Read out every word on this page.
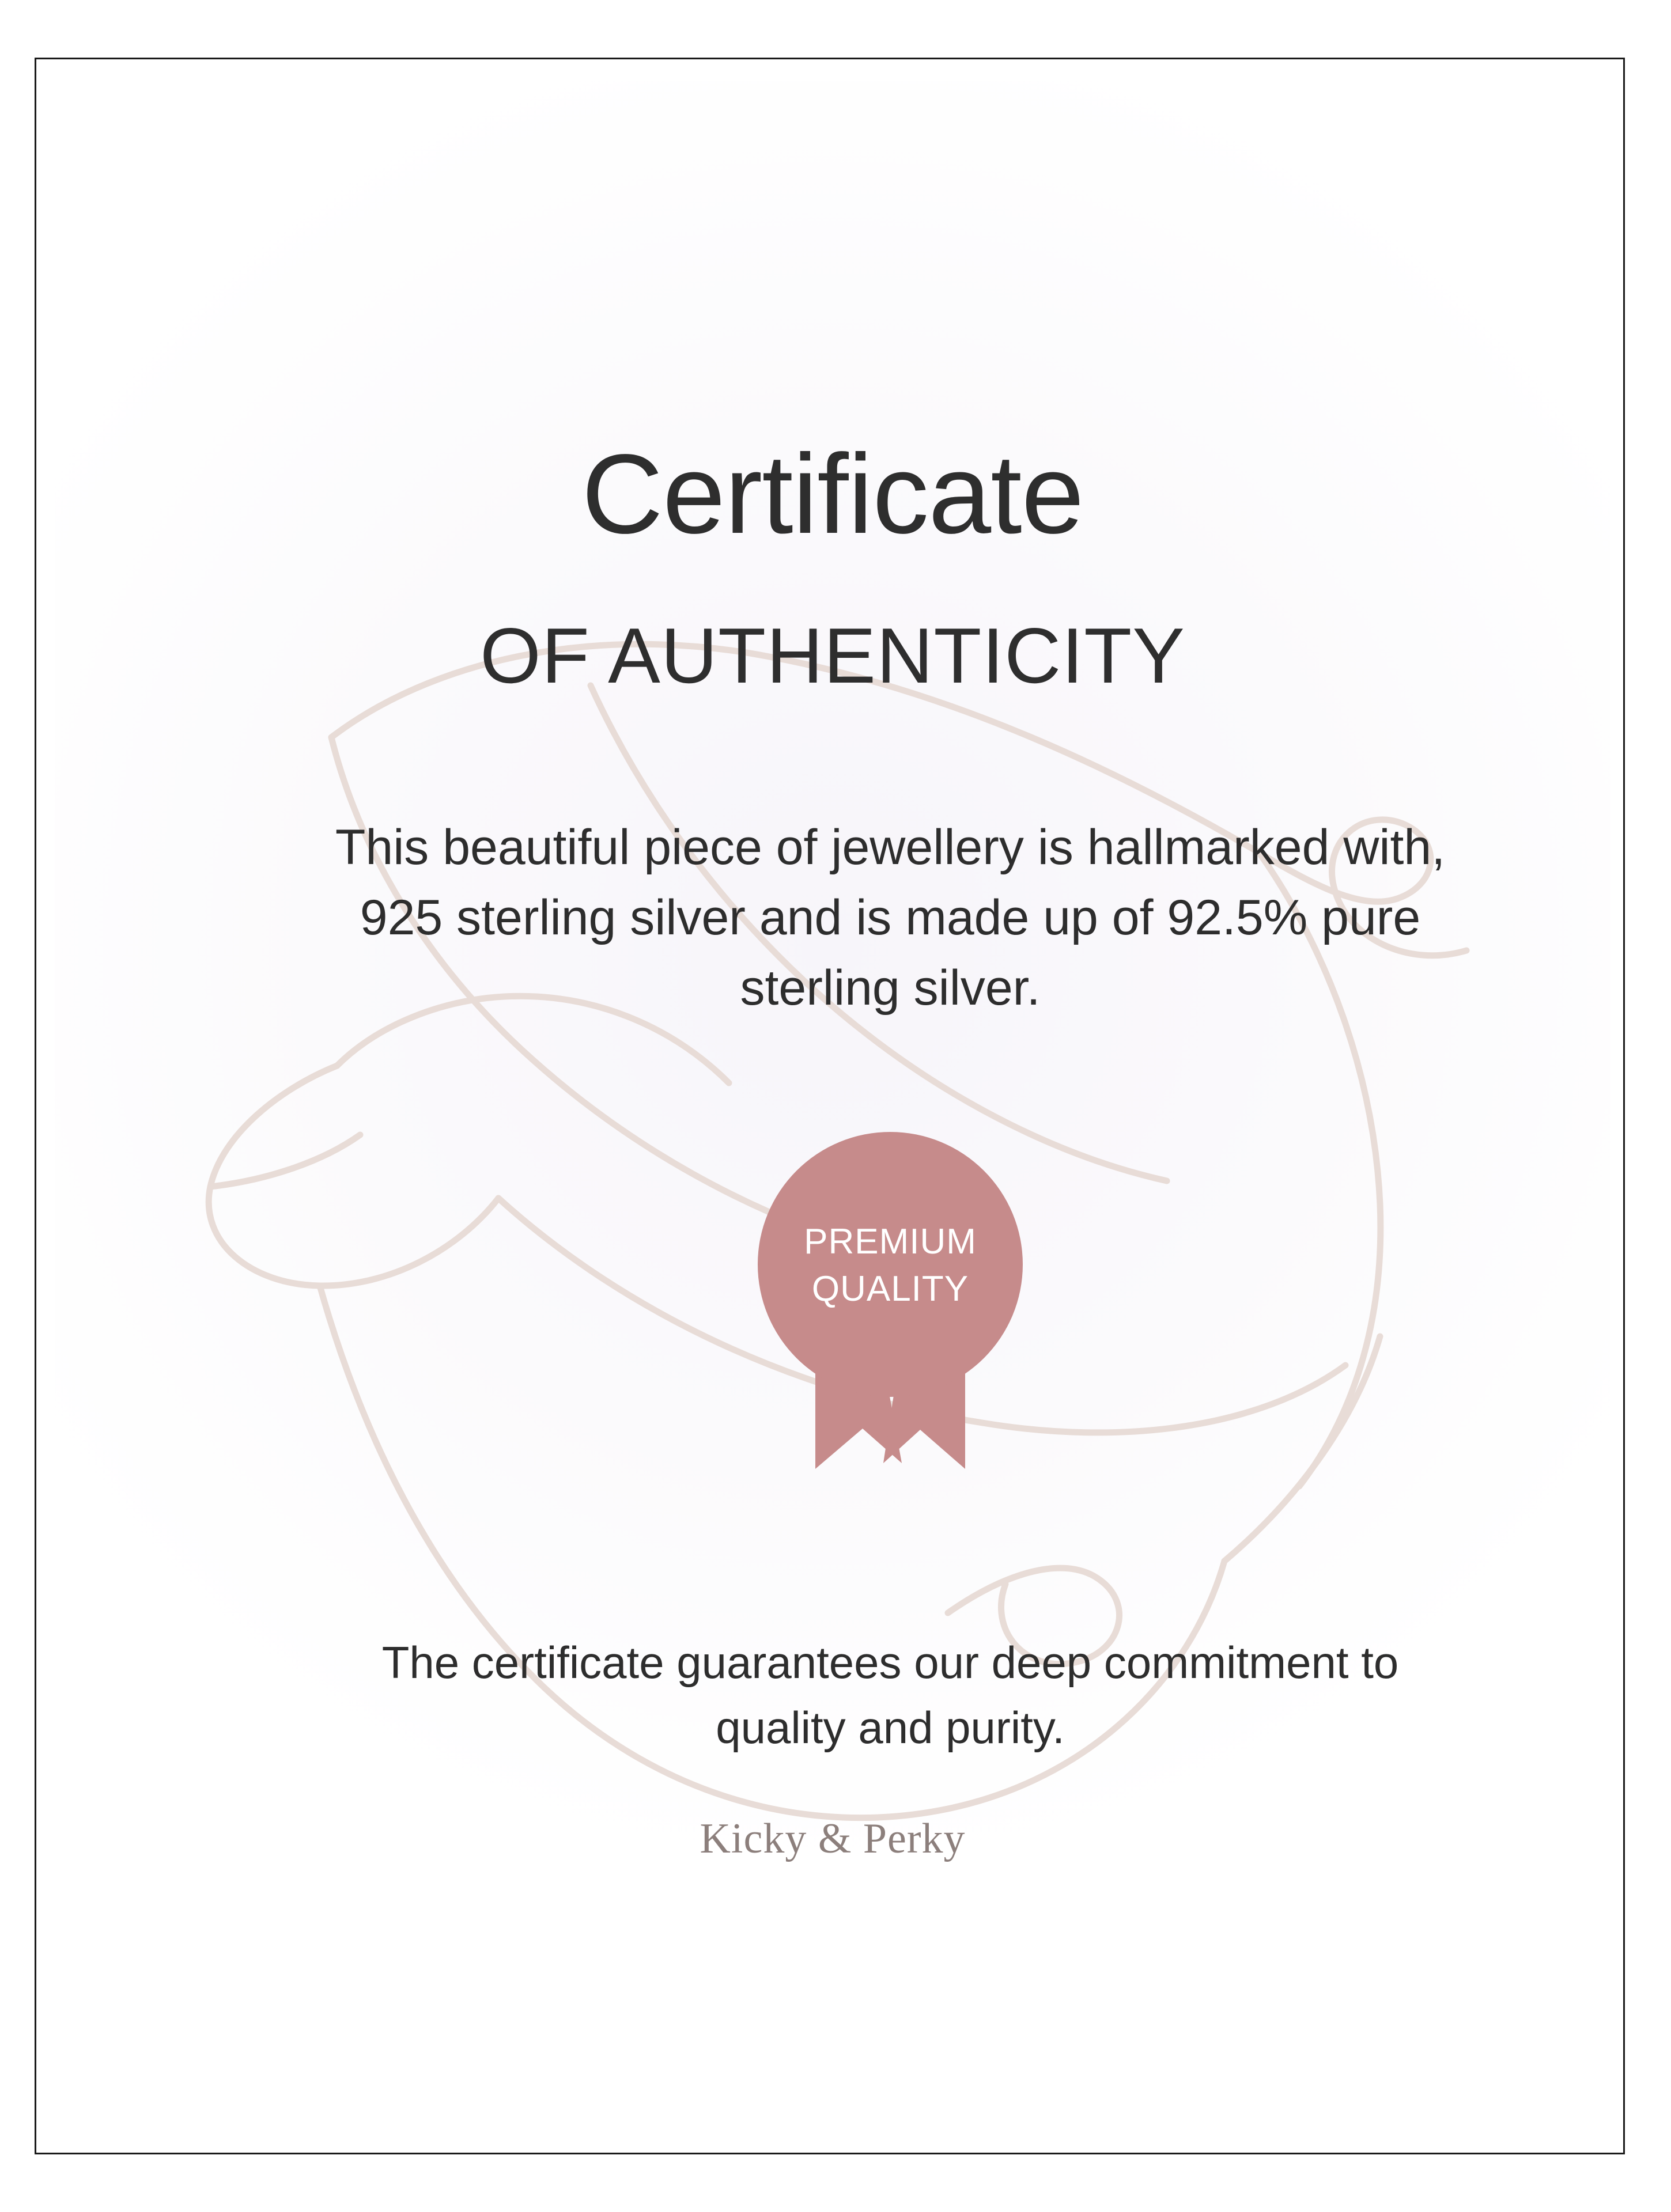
Certificate
OF AUTHENTICITY
This beautiful piece of jewellery is hallmarked with, 925 sterling silver and is made up of 92.5% pure sterling silver.
PREMIUM
QUALITY
The certificate guarantees our deep commitment to quality and purity.
Kicky & Perky
